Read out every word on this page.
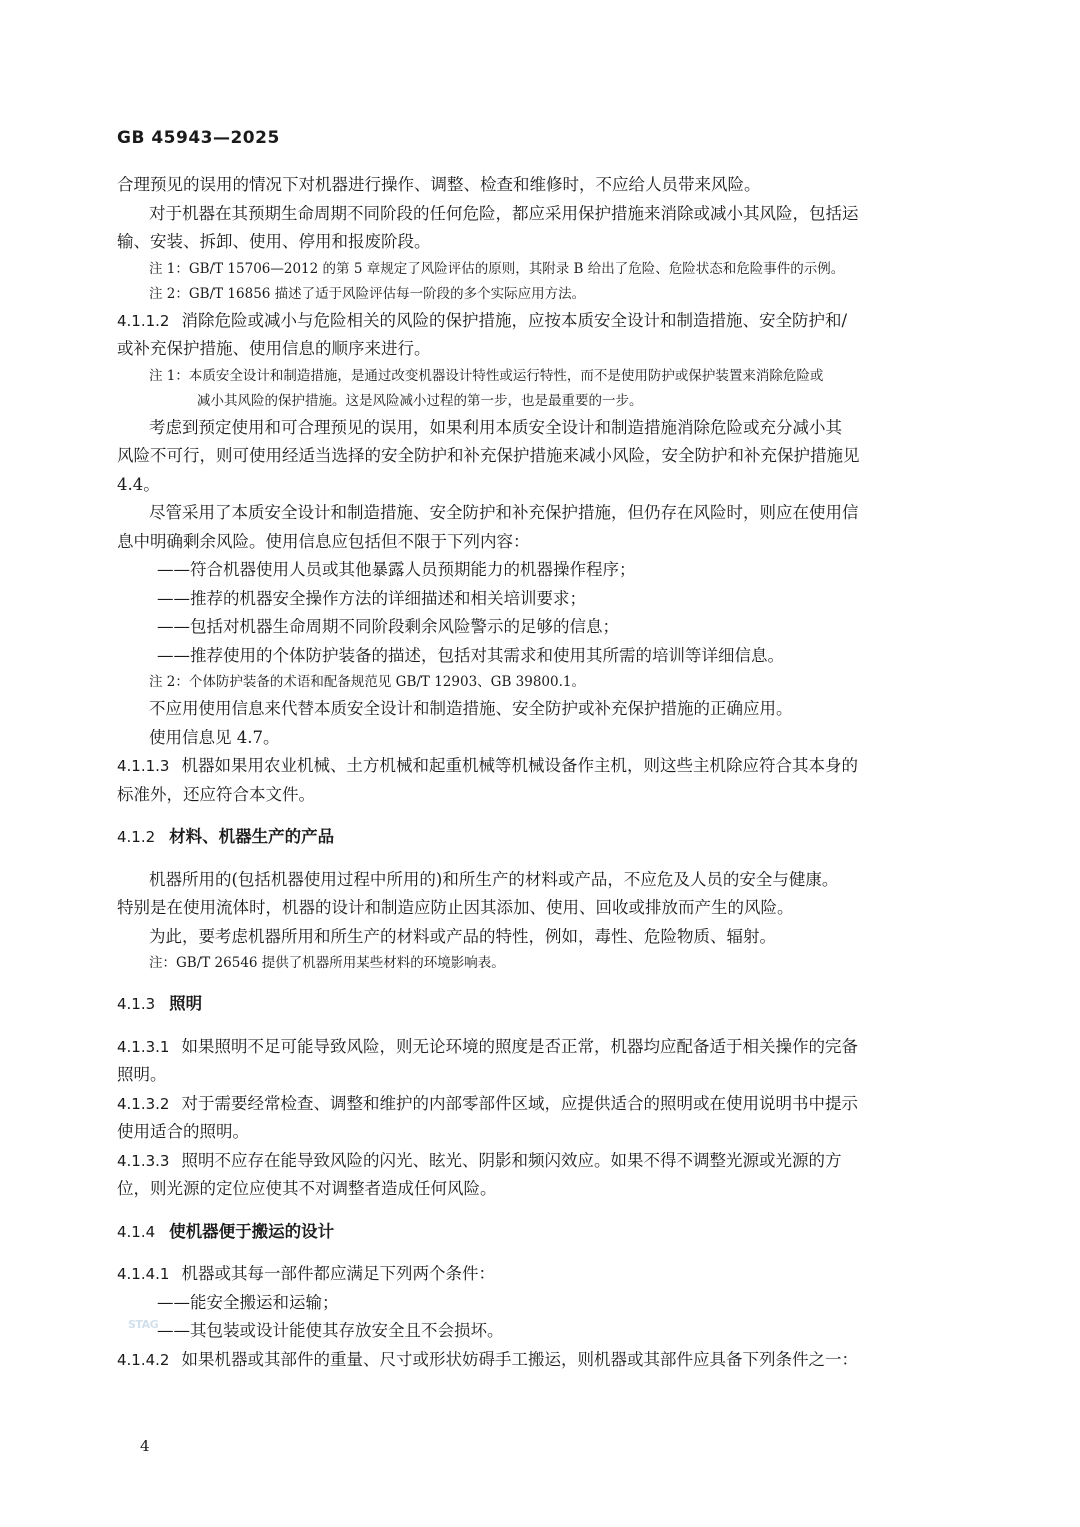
GB 45943—2025
合理预见的误用的情况下对机器进行操作、调整、检查和维修时，不应给人员带来风险。
对于机器在其预期生命周期不同阶段的任何危险，都应采用保护措施来消除或减小其风险，包括运
输、安装、拆卸、使用、停用和报废阶段。
注 1：GB/T 15706—2012 的第 5 章规定了风险评估的原则，其附录 B 给出了危险、危险状态和危险事件的示例。
注 2：GB/T 16856 描述了适于风险评估每一阶段的多个实际应用方法。
4.1.1.2 消除危险或减小与危险相关的风险的保护措施，应按本质安全设计和制造措施、安全防护和/
或补充保护措施、使用信息的顺序来进行。
注 1：本质安全设计和制造措施，是通过改变机器设计特性或运行特性，而不是使用防护或保护装置来消除危险或
减小其风险的保护措施。这是风险减小过程的第一步，也是最重要的一步。
考虑到预定使用和可合理预见的误用，如果利用本质安全设计和制造措施消除危险或充分减小其
风险不可行，则可使用经适当选择的安全防护和补充保护措施来减小风险，安全防护和补充保护措施见
4.4。
尽管采用了本质安全设计和制造措施、安全防护和补充保护措施，但仍存在风险时，则应在使用信
息中明确剩余风险。使用信息应包括但不限于下列内容：
——符合机器使用人员或其他暴露人员预期能力的机器操作程序；
——推荐的机器安全操作方法的详细描述和相关培训要求；
——包括对机器生命周期不同阶段剩余风险警示的足够的信息；
——推荐使用的个体防护装备的描述，包括对其需求和使用其所需的培训等详细信息。
注 2：个体防护装备的术语和配备规范见 GB/T 12903、GB 39800.1。
不应用使用信息来代替本质安全设计和制造措施、安全防护或补充保护措施的正确应用。
使用信息见 4.7。
4.1.1.3 机器如果用农业机械、土方机械和起重机械等机械设备作主机，则这些主机除应符合其本身的
标准外，还应符合本文件。
4.1.2 材料、机器生产的产品
机器所用的(包括机器使用过程中所用的)和所生产的材料或产品，不应危及人员的安全与健康。
特别是在使用流体时，机器的设计和制造应防止因其添加、使用、回收或排放而产生的风险。
为此，要考虑机器所用和所生产的材料或产品的特性，例如，毒性、危险物质、辐射。
注：GB/T 26546 提供了机器所用某些材料的环境影响表。
4.1.3 照明
4.1.3.1 如果照明不足可能导致风险，则无论环境的照度是否正常，机器均应配备适于相关操作的完备
照明。
4.1.3.2 对于需要经常检查、调整和维护的内部零部件区域，应提供适合的照明或在使用说明书中提示
使用适合的照明。
4.1.3.3 照明不应存在能导致风险的闪光、眩光、阴影和频闪效应。如果不得不调整光源或光源的方
位，则光源的定位应使其不对调整者造成任何风险。
4.1.4 使机器便于搬运的设计
4.1.4.1 机器或其每一部件都应满足下列两个条件：
——能安全搬运和运输；
——其包装或设计能使其存放安全且不会损坏。
4.1.4.2 如果机器或其部件的重量、尺寸或形状妨碍手工搬运，则机器或其部件应具备下列条件之一：
STAG
4
